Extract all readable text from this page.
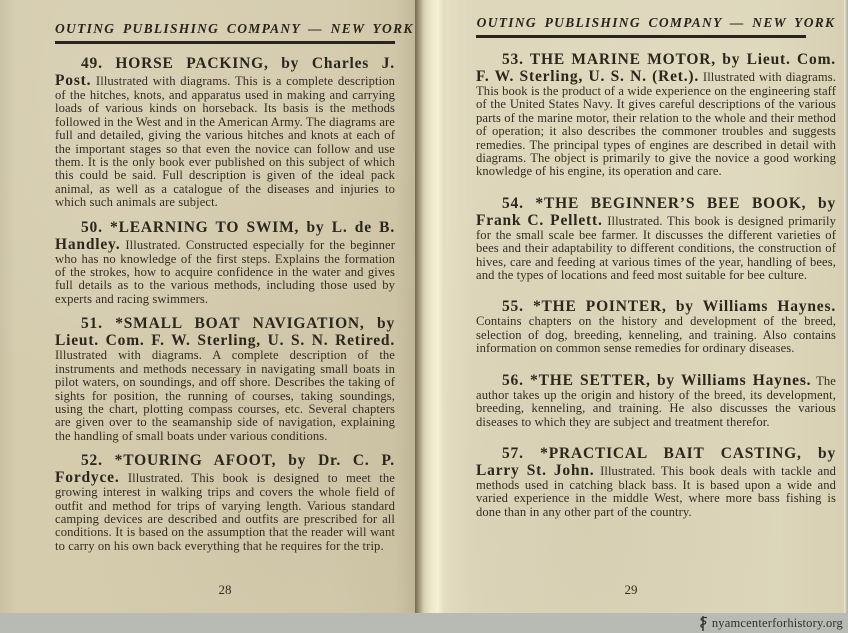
OUTING PUBLISHING COMPANY — NEW YORK

49. HORSE PACKING, by Charles J. Post. Illustrated with diagrams. This is a complete description of the hitches, knots, and apparatus used in making and carrying loads of various kinds on horseback. Its basis is the methods followed in the West and in the American Army. The diagrams are full and detailed, giving the various hitches and knots at each of the important stages so that even the novice can follow and use them. It is the only book ever published on this subject of which this could be said. Full description is given of the ideal pack animal, as well as a catalogue of the diseases and injuries to which such animals are subject.

50. *LEARNING TO SWIM, by L. de B. Handley. Illustrated. Constructed especially for the beginner who has no knowledge of the first steps. Explains the formation of the strokes, how to acquire confidence in the water and gives full details as to the various methods, including those used by experts and racing swimmers.

51. *SMALL BOAT NAVIGATION, by Lieut. Com. F. W. Sterling, U. S. N. Retired. Illustrated with diagrams. A complete description of the instruments and methods necessary in navigating small boats in pilot waters, on soundings, and off shore. Describes the taking of sights for position, the running of courses, taking soundings, using the chart, plotting compass courses, etc. Several chapters are given over to the seamanship side of navigation, explaining the handling of small boats under various conditions.

52. *TOURING AFOOT, by Dr. C. P. Fordyce. Illustrated. This book is designed to meet the growing interest in walking trips and covers the whole field of outfit and method for trips of varying length. Various standard camping devices are described and outfits are prescribed for all conditions. It is based on the assumption that the reader will want to carry on his own back everything that he requires for the trip.

28
OUTING PUBLISHING COMPANY — NEW YORK

53. THE MARINE MOTOR, by Lieut. Com. F. W. Sterling, U. S. N. (Ret.). Illustrated with diagrams. This book is the product of a wide experience on the engineering staff of the United States Navy. It gives careful descriptions of the various parts of the marine motor, their relation to the whole and their method of operation; it also describes the commoner troubles and suggests remedies. The principal types of engines are described in detail with diagrams. The object is primarily to give the novice a good working knowledge of his engine, its operation and care.

54. *THE BEGINNER’S BEE BOOK, by Frank C. Pellett. Illustrated. This book is designed primarily for the small scale bee farmer. It discusses the different varieties of bees and their adaptability to different conditions, the construction of hives, care and feeding at various times of the year, handling of bees, and the types of locations and feed most suitable for bee culture.

55. *THE POINTER, by Williams Haynes. Contains chapters on the history and development of the breed, selection of dog, breeding, kenneling, and training. Also contains information on common sense remedies for ordinary diseases.

56. *THE SETTER, by Williams Haynes. The author takes up the origin and history of the breed, its development, breeding, kenneling, and training. He also discusses the various diseases to which they are subject and treatment therefor.

57. *PRACTICAL BAIT CASTING, by Larry St. John. Illustrated. This book deals with tackle and methods used in catching black bass. It is based upon a wide and varied experience in the middle West, where more bass fishing is done than in any other part of the country.

29
nyamcenterforhistory.org
